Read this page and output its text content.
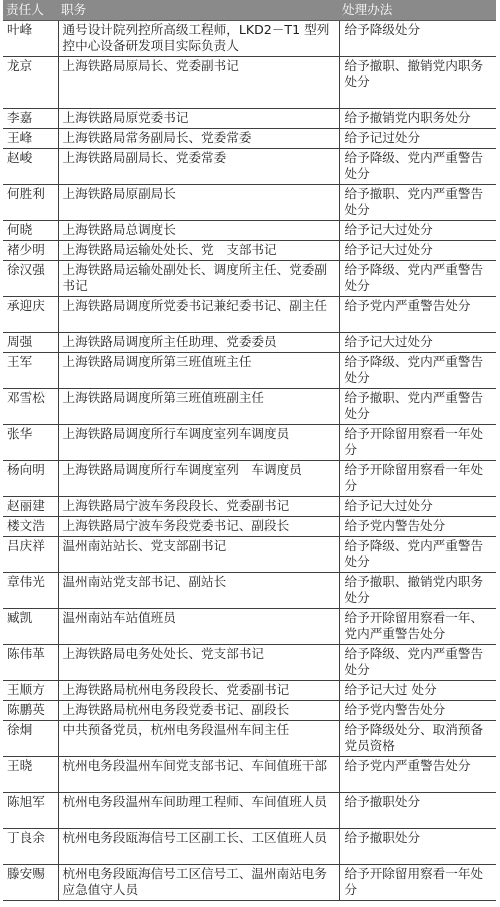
责任人	职务	处理办法
叶峰	通号设计院列控所高级工程师，LKD2－T1 型列控中心设备研发项目实际负责人	给予降级处分
龙京	上海铁路局原局长、党委副书记	给予撤职、撤销党内职务处分
李嘉	上海铁路局原党委书记	给予撤销党内职务处分
王峰	上海铁路局常务副局长、党委常委	给予记过处分
赵峻	上海铁路局副局长、党委常委	给予降级、党内严重警告处分
何胜利	上海铁路局原副局长	给予撤职、党内严重警告处分
何晓	上海铁路局总调度长	给予记大过处分
褚少明	上海铁路局运输处处长、党　支部书记	给予记大过处分
徐汉强	上海铁路局运输处副处长、调度所主任、党委副书记	给予降级、党内严重警告处分
承迎庆	上海铁路局调度所党委书记兼纪委书记、副主任	给予党内严重警告处分
周强	上海铁路局调度所主任助理、党委委员	给予记大过处分
王军	上海铁路局调度所第三班值班主任	给予降级、党内严重警告处分
邓雪松	上海铁路局调度所第三班值班副主任	给予撤职、党内严重警告处分
张华	上海铁路局调度所行车调度室列车调度员	给予开除留用察看一年处分
杨向明	上海铁路局调度所行车调度室列　车调度员	给予开除留用察看一年处分
赵丽建	上海铁路局宁波车务段段长、党委副书记	给予记大过处分
楼文浩	上海铁路局宁波车务段党委书记、副段长	给予党内警告处分
吕庆祥	温州南站站长、党支部副书记	给予降级、党内严重警告处分
章伟光	温州南站党支部书记、副站长	给予撤职、撤销党内职务处分
臧凯	温州南站车站值班员	给予开除留用察看一年、党内严重警告处分
陈伟革	上海铁路局电务处处长、党支部书记	给予降级、党内严重警告处分
王顺方	上海铁路局杭州电务段段长、党委副书记	给予记大过 处分
陈鹏英	上海铁路局杭州电务段党委书记、副段长	给予党内警告处分
徐炯	中共预备党员，杭州电务段温州车间主任	给予降级处分、取消预备党员资格
王晓	杭州电务段温州车间党支部书记、车间值班干部	给予党内严重警告处分
陈旭军	杭州电务段温州车间助理工程师、车间值班人员	给予撤职处分
丁良余	杭州电务段瓯海信号工区副工长、工区值班人员	给予撤职处分
滕安赐	杭州电务段瓯海信号工区信号工、温州南站电务应急值守人员	给予开除留用察看一年处分
